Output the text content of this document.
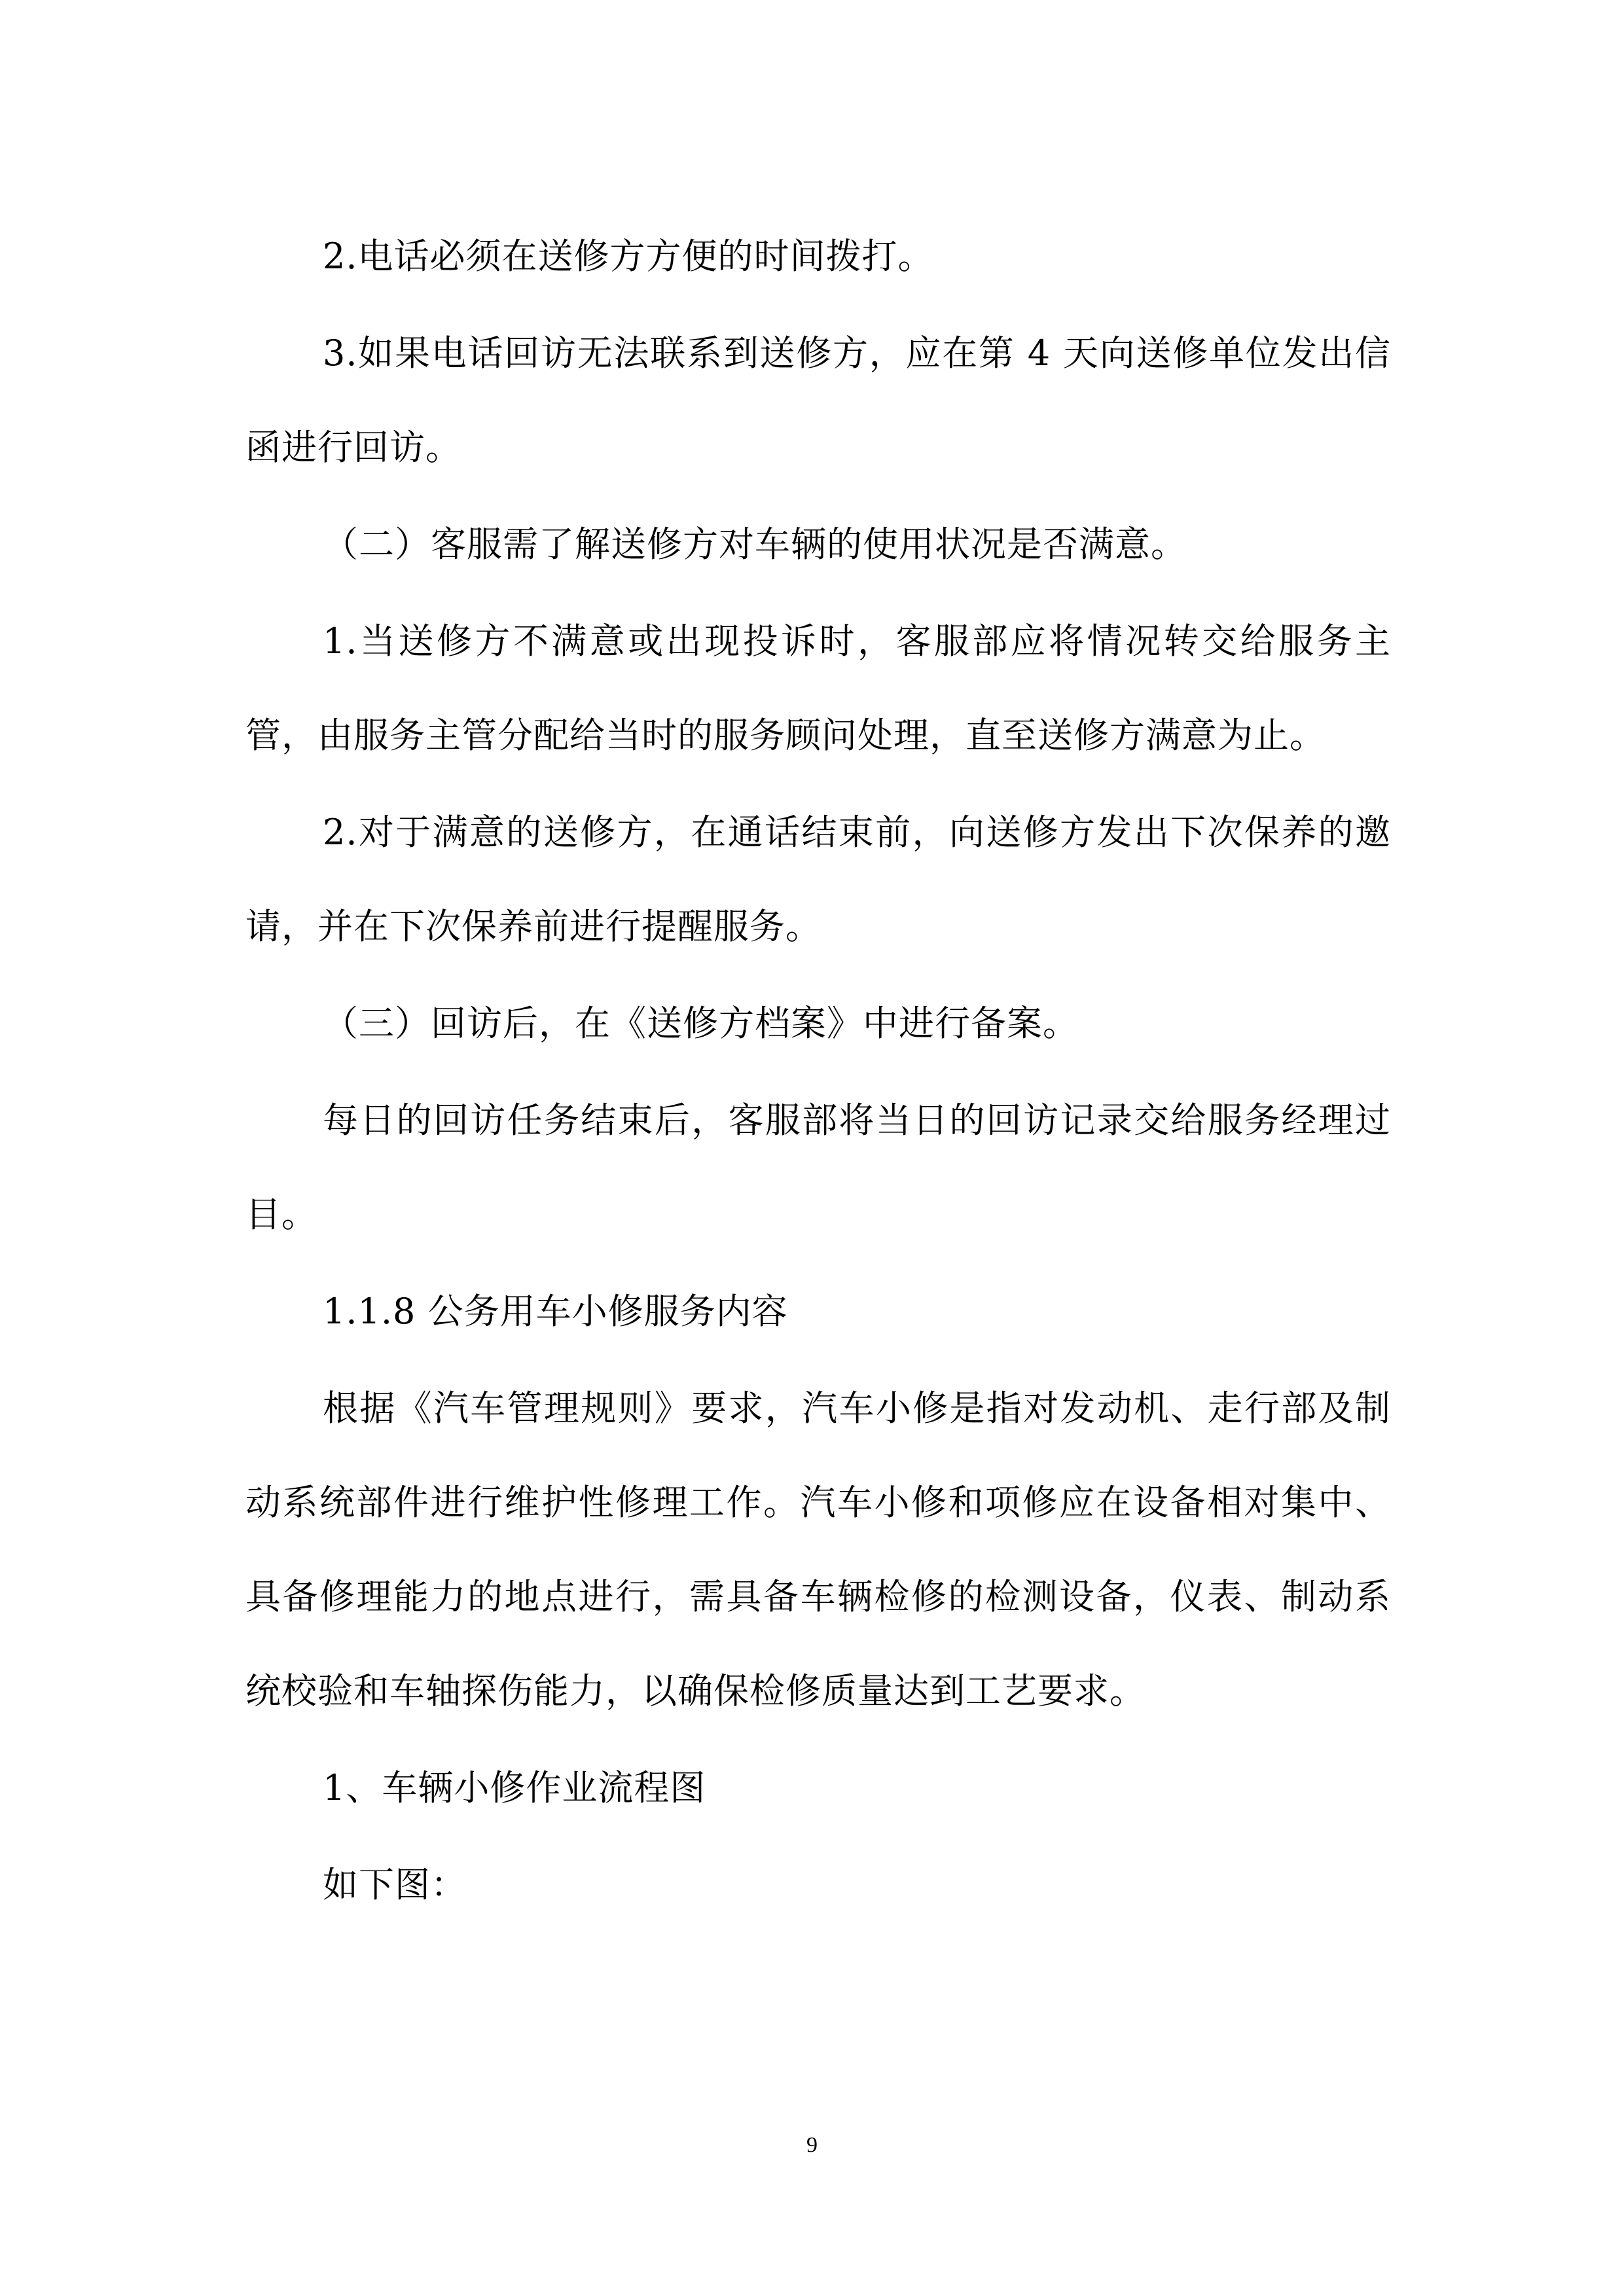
2.电话必须在送修方方便的时间拨打。

3.如果电话回访无法联系到送修方，应在第 4 天向送修单位发出信函进行回访。

（二）客服需了解送修方对车辆的使用状况是否满意。

1.当送修方不满意或出现投诉时，客服部应将情况转交给服务主管，由服务主管分配给当时的服务顾问处理，直至送修方满意为止。

2.对于满意的送修方，在通话结束前，向送修方发出下次保养的邀请，并在下次保养前进行提醒服务。

（三）回访后，在《送修方档案》中进行备案。

每日的回访任务结束后，客服部将当日的回访记录交给服务经理过目。

1.1.8 公务用车小修服务内容

根据《汽车管理规则》要求，汽车小修是指对发动机、走行部及制动系统部件进行维护性修理工作。汽车小修和项修应在设备相对集中、具备修理能力的地点进行，需具备车辆检修的检测设备，仪表、制动系统校验和车轴探伤能力，以确保检修质量达到工艺要求。

1、车辆小修作业流程图

如下图：

9
